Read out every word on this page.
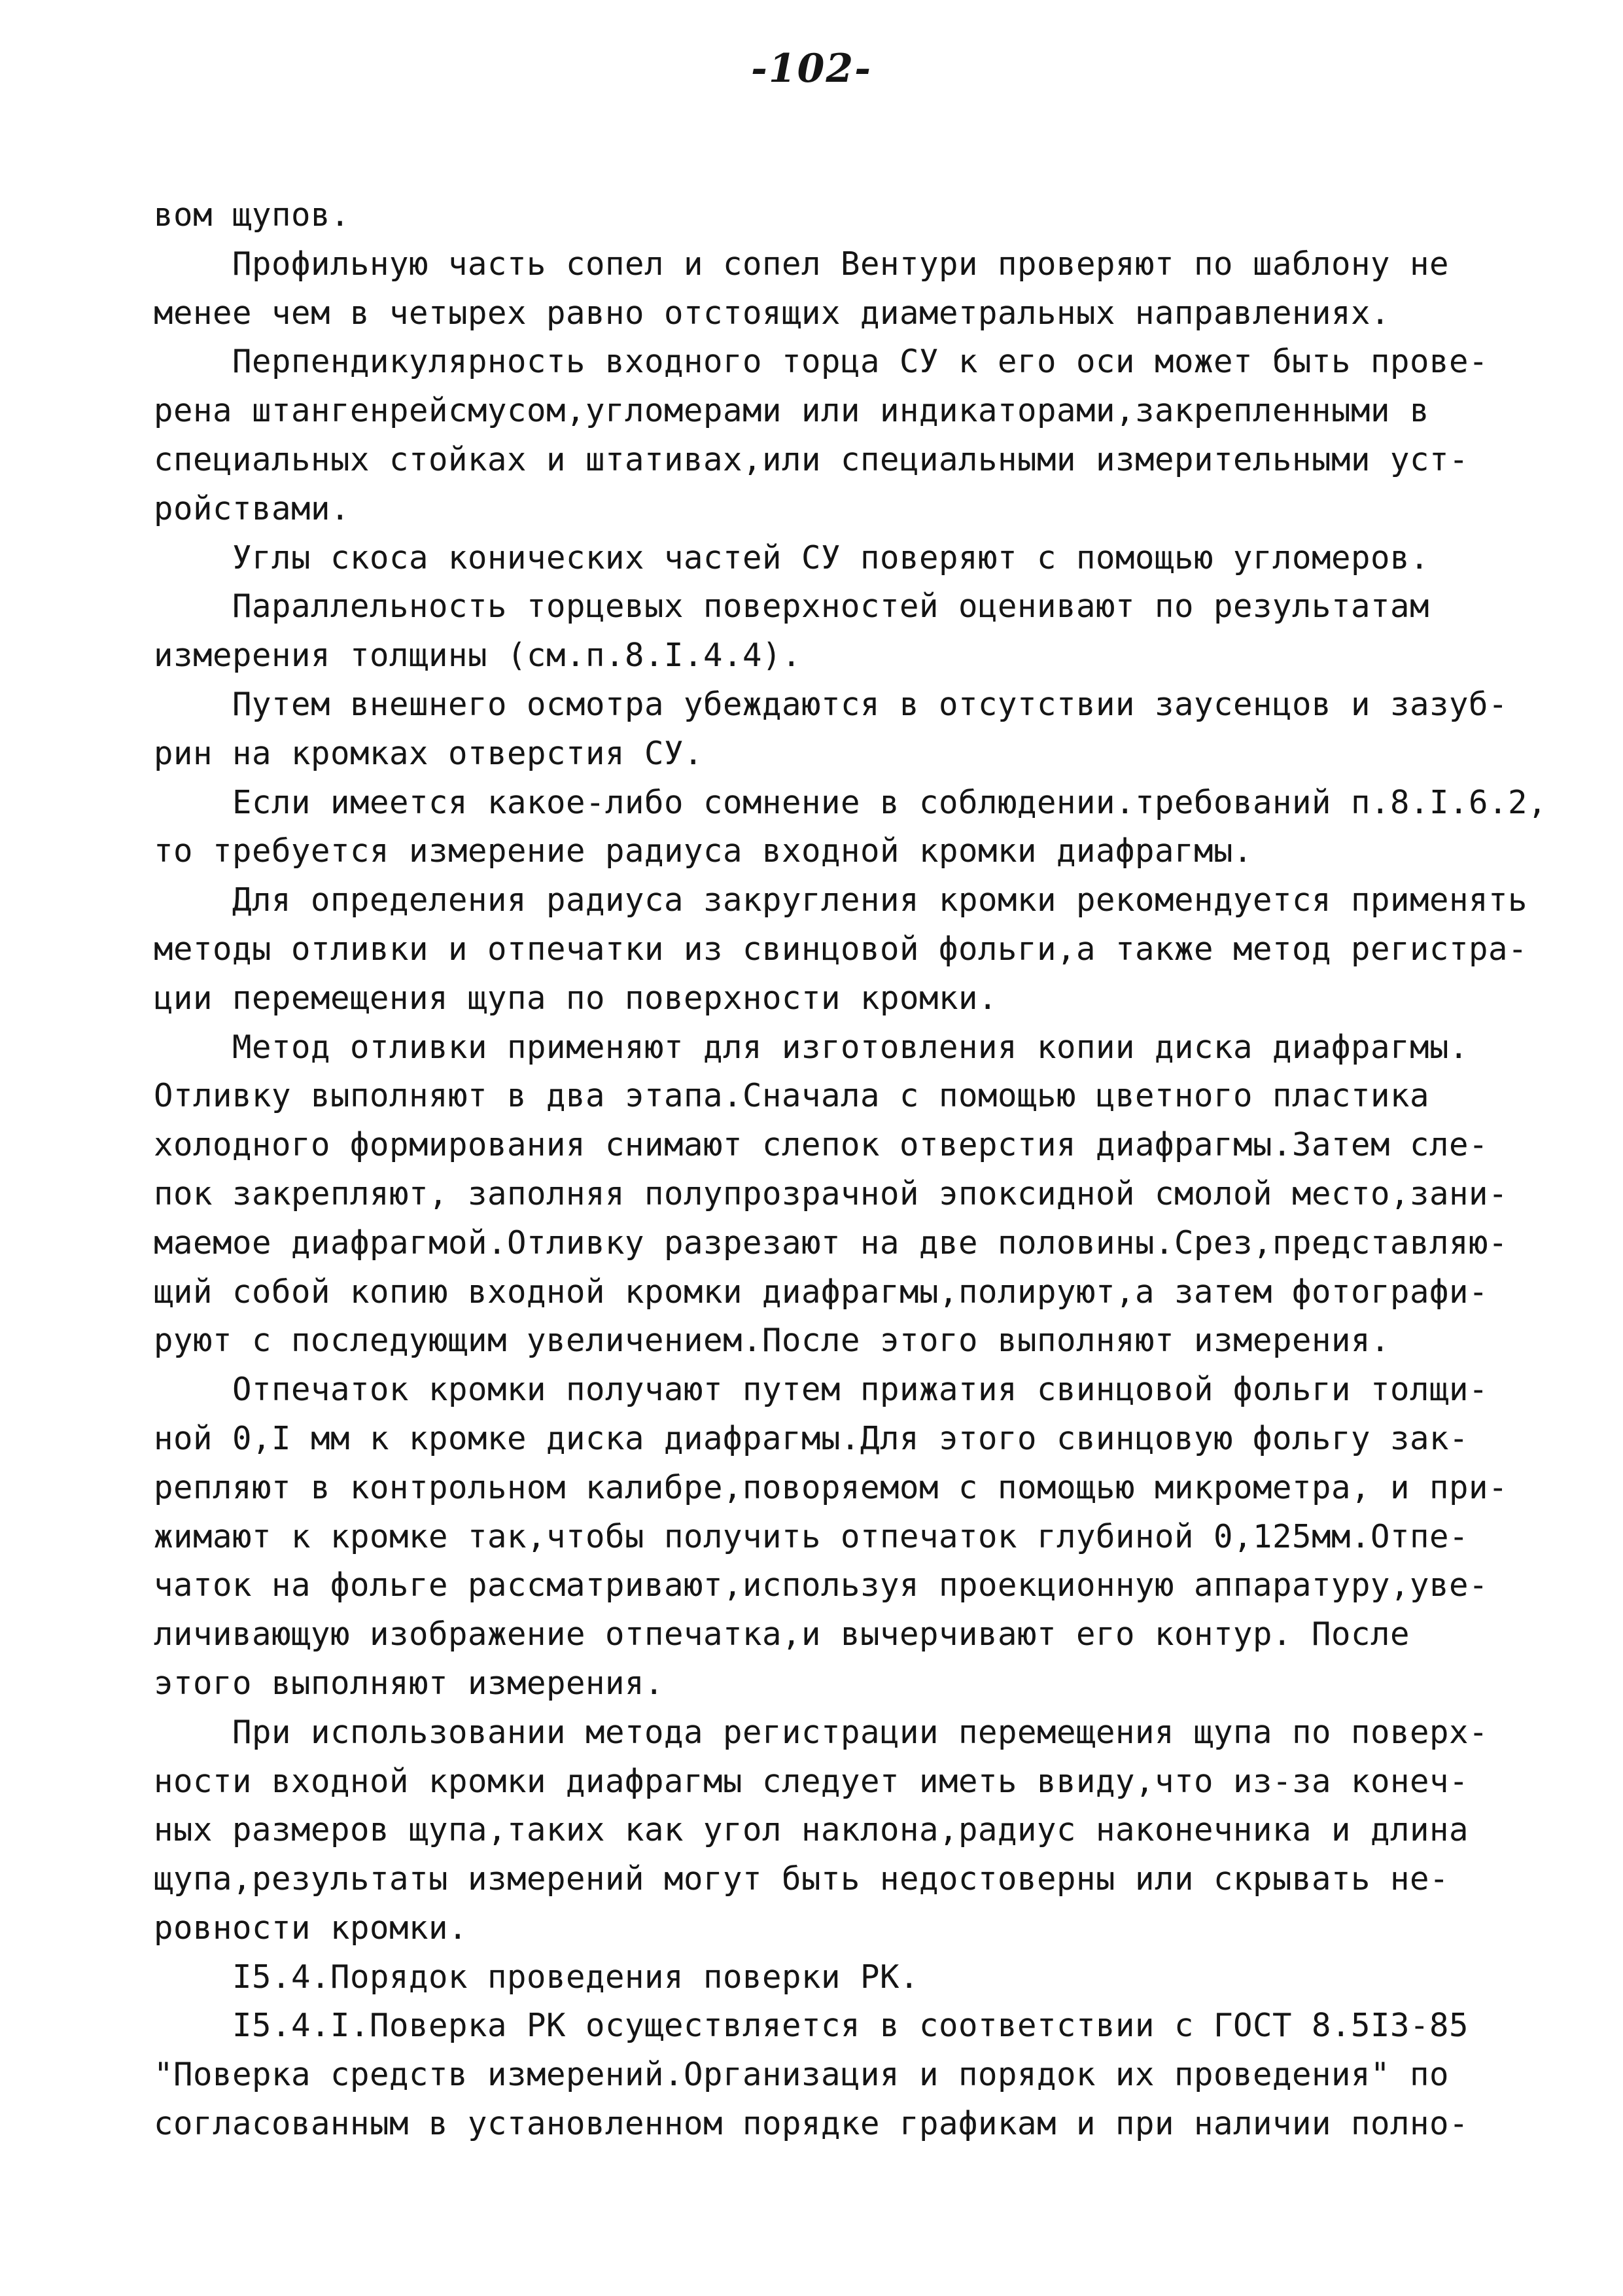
-102-
вом щупов.
Профильную часть сопел и сопел Вентури проверяют по шаблону не
менее чем в четырех равно отстоящих диаметральных направлениях.
Перпендикулярность входного торца СУ к его оси может быть прове-
рена штангенрейсмусом,угломерами или индикаторами,закрепленными в
специальных стойках и штативах,или специальными измерительными уст-
ройствами.
Углы скоса конических частей СУ поверяют с помощью угломеров.
Параллельность торцевых поверхностей оценивают по результатам
измерения толщины (см.п.8.I.4.4).
Путем внешнего осмотра убеждаются в отсутствии заусенцов и зазуб-
рин на кромках отверстия СУ.
Если имеется какое-либо сомнение в соблюдении.требований п.8.I.6.2,
то требуется измерение радиуса входной кромки диафрагмы.
Для определения радиуса закругления кромки рекомендуется применять
методы отливки и отпечатки из свинцовой фольги,а также метод регистра-
ции перемещения щупа по поверхности кромки.
Метод отливки применяют для изготовления копии диска диафрагмы.
Отливку выполняют в два этапа.Сначала с помощью цветного пластика
холодного формирования снимают слепок отверстия диафрагмы.Затем сле-
пок закрепляют, заполняя полупрозрачной эпоксидной смолой место,зани-
маемое диафрагмой.Отливку разрезают на две половины.Срез,представляю-
щий собой копию входной кромки диафрагмы,полируют,а затем фотографи-
руют с последующим увеличением.После этого выполняют измерения.
Отпечаток кромки получают путем прижатия свинцовой фольги толщи-
ной 0,I мм к кромке диска диафрагмы.Для этого свинцовую фольгу зак-
репляют в контрольном калибре,поворяемом с помощью микрометра, и при-
жимают к кромке так,чтобы получить отпечаток глубиной 0,125мм.Отпе-
чаток на фольге рассматривают,используя проекционную аппаратуру,уве-
личивающую изображение отпечатка,и вычерчивают его контур. После
этого выполняют измерения.
При использовании метода регистрации перемещения щупа по поверх-
ности входной кромки диафрагмы следует иметь ввиду,что из-за конеч-
ных размеров щупа,таких как угол наклона,радиус наконечника и длина
щупа,результаты измерений могут быть недостоверны или скрывать не-
ровности кромки.
I5.4.Порядок проведения поверки РК.
I5.4.I.Поверка РК осуществляется в соответствии с ГОСТ 8.5I3-85
"Поверка средств измерений.Организация и порядок их проведения" по
согласованным в установленном порядке графикам и при наличии полно-
